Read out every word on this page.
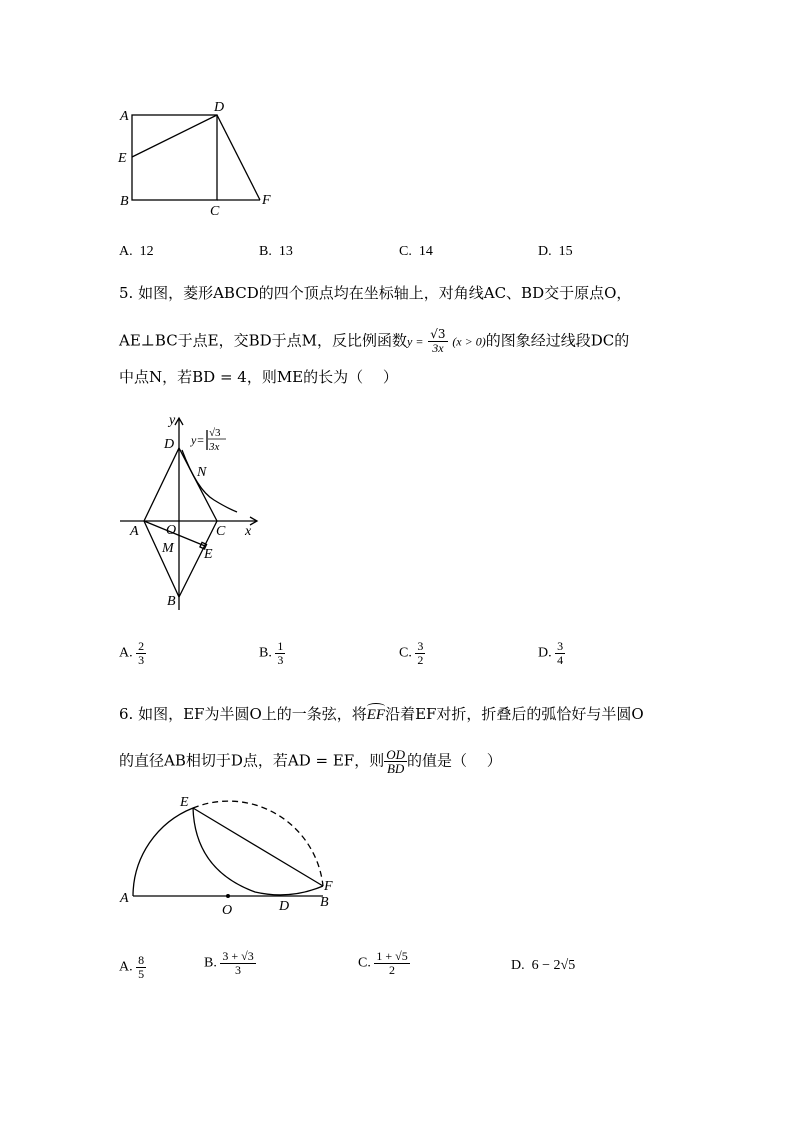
A
D
E
B
C
F
A. 12	B. 13	C. 14	D. 15
5. 如图，菱形ABCD的四个顶点均在坐标轴上，对角线AC、BD交于原点O，
AE⊥BC于点E，交BD于点M，反比例函数$y = \frac{√3}{3x} (x > 0)$的图象经过线段DC的
中点N，若BD = 4，则ME的长为（　 ）
D
y
N
A O	C x
M E
B
y= √3
3x
A. $\frac{2}{3}$	B. $\frac{1}{3}$	C. $\frac{3}{2}$	D. $\frac{3}{4}$
6. 如图，EF为半圆O上的一条弦，将
EF沿着EF对折，折叠后的弧恰好与半圆O
的直径AB相切于D点，若AD = EF，则 $\frac{OD}{BD}$ 的值是（　 ）
E
F
A
O	D B
A. $\frac{8}{5}$	B. $\frac{3 + √3}{3}$	C. $\frac{1 + √5}{2}$	D. 6 − 2√5
